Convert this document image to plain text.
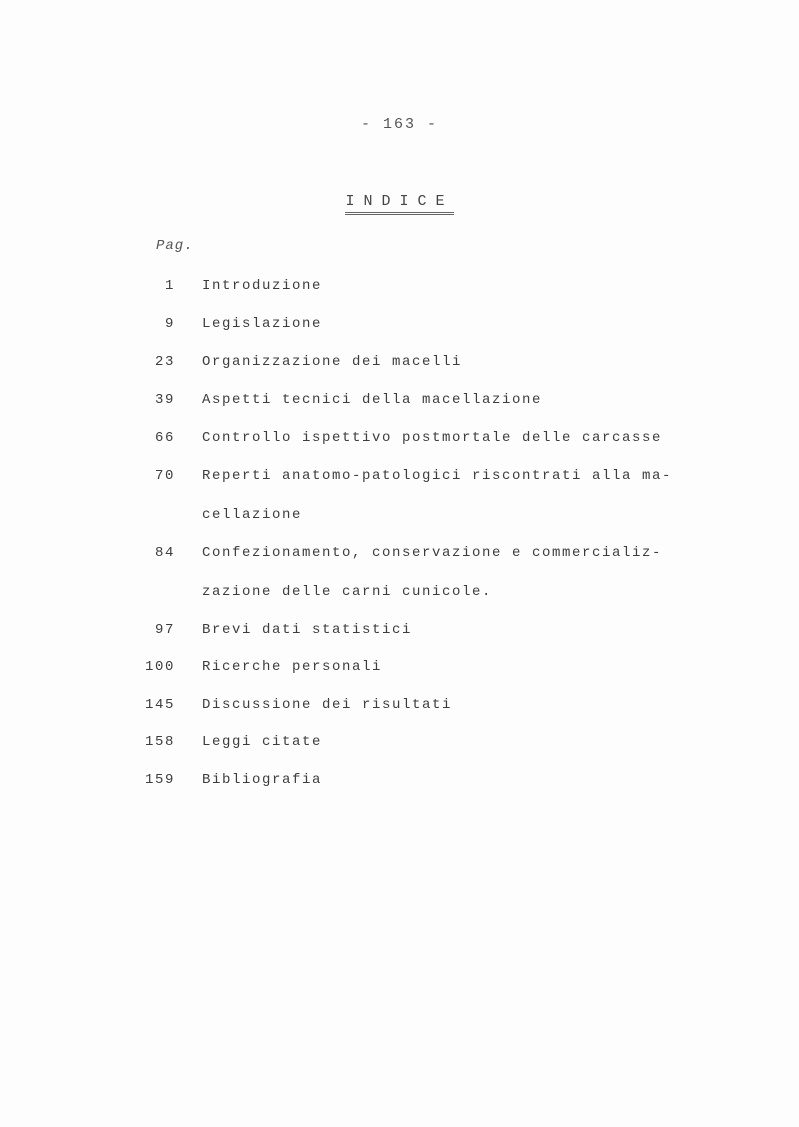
- 163 -
INDICE
Pag.
1 Introduzione
9 Legislazione
23 Organizzazione dei macelli
39 Aspetti tecnici della macellazione
66 Controllo ispettivo postmortale delle carcasse
70 Reperti anatomo-patologici riscontrati alla ma-
cellazione
84 Confezionamento, conservazione e commercializ-
zazione delle carni cunicole.
97 Brevi dati statistici
100 Ricerche personali
145 Discussione dei risultati
158 Leggi citate
159 Bibliografia
